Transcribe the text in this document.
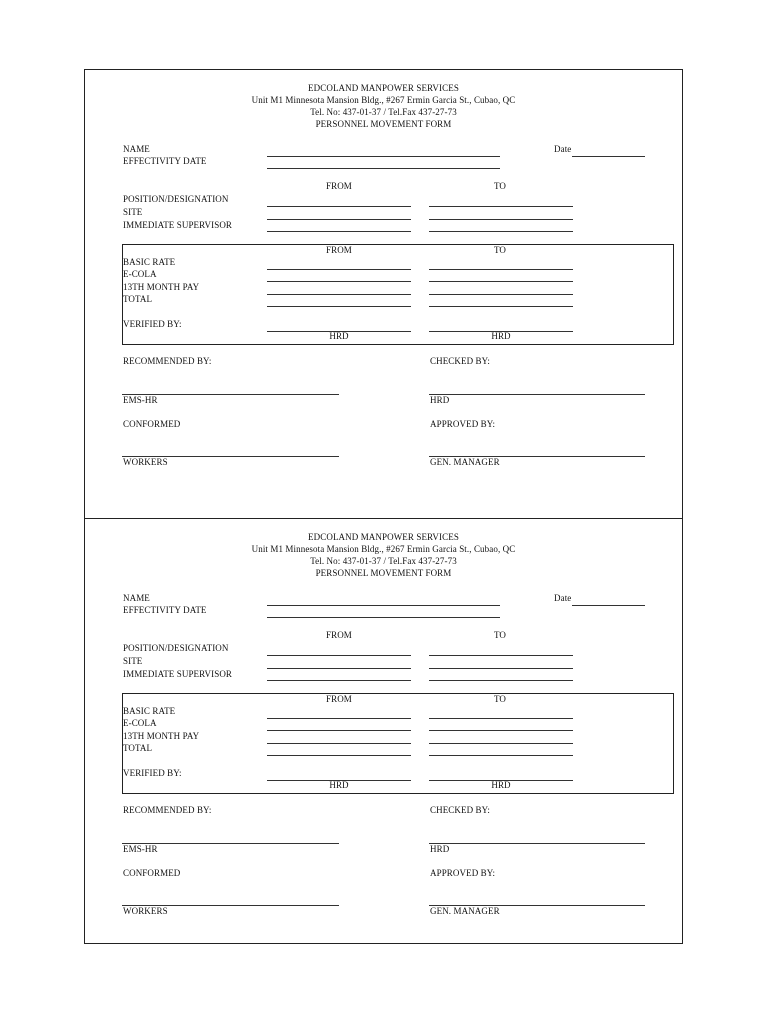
EDCOLAND MANPOWER SERVICES
Unit M1 Minnesota Mansion Bldg., #267 Ermin Garcia St., Cubao, QC
Tel. No: 437-01-37 / Tel.Fax 437-27-73
PERSONNEL MOVEMENT FORM
NAME	Date
EFFECTIVITY DATE
FROM	TO
POSITION/DESIGNATION
SITE
IMMEDIATE SUPERVISOR
FROM	TO
BASIC RATE
E-COLA
13TH MONTH PAY
TOTAL
VERIFIED BY:
HRD	HRD
RECOMMENDED BY:	CHECKED BY:
EMS-HR	HRD
CONFORMED	APPROVED BY:
WORKERS	GEN. MANAGER
EDCOLAND MANPOWER SERVICES
Unit M1 Minnesota Mansion Bldg., #267 Ermin Garcia St., Cubao, QC
Tel. No: 437-01-37 / Tel.Fax 437-27-73
PERSONNEL MOVEMENT FORM
NAME	Date
EFFECTIVITY DATE
FROM	TO
POSITION/DESIGNATION
SITE
IMMEDIATE SUPERVISOR
FROM	TO
BASIC RATE
E-COLA
13TH MONTH PAY
TOTAL
VERIFIED BY:
HRD	HRD
RECOMMENDED BY:	CHECKED BY:
EMS-HR	HRD
CONFORMED	APPROVED BY:
WORKERS	GEN. MANAGER
